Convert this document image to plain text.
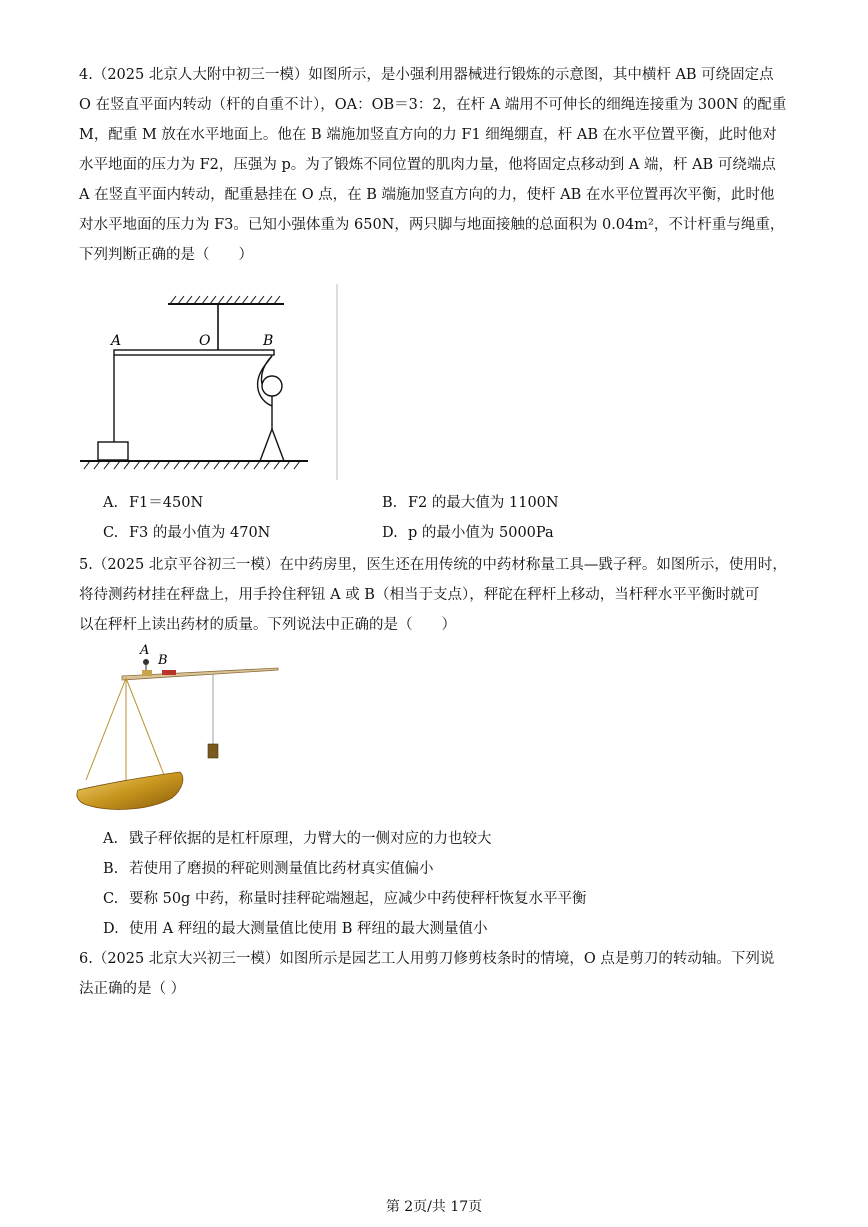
4.（2025 北京人大附中初三一模）如图所示，是小强利用器械进行锻炼的示意图，其中横杆 AB 可绕固定点
O 在竖直平面内转动（杆的自重不计），OA：OB＝3：2，在杆 A 端用不可伸长的细绳连接重为 300N 的配重
M，配重 M 放在水平地面上。他在 B 端施加竖直方向的力 F1 细绳绷直，杆 AB 在水平位置平衡，此时他对
水平地面的压力为 F2，压强为 p。为了锻炼不同位置的肌肉力量，他将固定点移动到 A 端，杆 AB 可绕端点
A 在竖直平面内转动，配重悬挂在 O 点，在 B 端施加竖直方向的力，使杆 AB 在水平位置再次平衡，此时他
对水平地面的压力为 F3。已知小强体重为 650N，两只脚与地面接触的总面积为 0.04m²，不计杆重与绳重，
下列判断正确的是（　　）
A	O	B
A. F1＝450N	B. F2 的最大值为 1100N
C. F3 的最小值为 470N	D. p 的最小值为 5000Pa
5.（2025 北京平谷初三一模）在中药房里，医生还在用传统的中药材称量工具—戥子秤。如图所示，使用时，
将待测药材挂在秤盘上，用手拎住秤钮 A 或 B（相当于支点），秤砣在秤杆上移动，当杆秤水平平衡时就可
以在秤杆上读出药材的质量。下列说法中正确的是（　　）
A
B
A. 戥子秤依据的是杠杆原理，力臂大的一侧对应的力也较大
B. 若使用了磨损的秤砣则测量值比药材真实值偏小
C. 要称 50g 中药，称量时挂秤砣端翘起，应减少中药使秤杆恢复水平平衡
D. 使用 A 秤纽的最大测量值比使用 B 秤纽的最大测量值小
6.（2025 北京大兴初三一模）如图所示是园艺工人用剪刀修剪枝条时的情境，O 点是剪刀的转动轴。下列说
法正确的是（ ）
第 2页/共 17页
